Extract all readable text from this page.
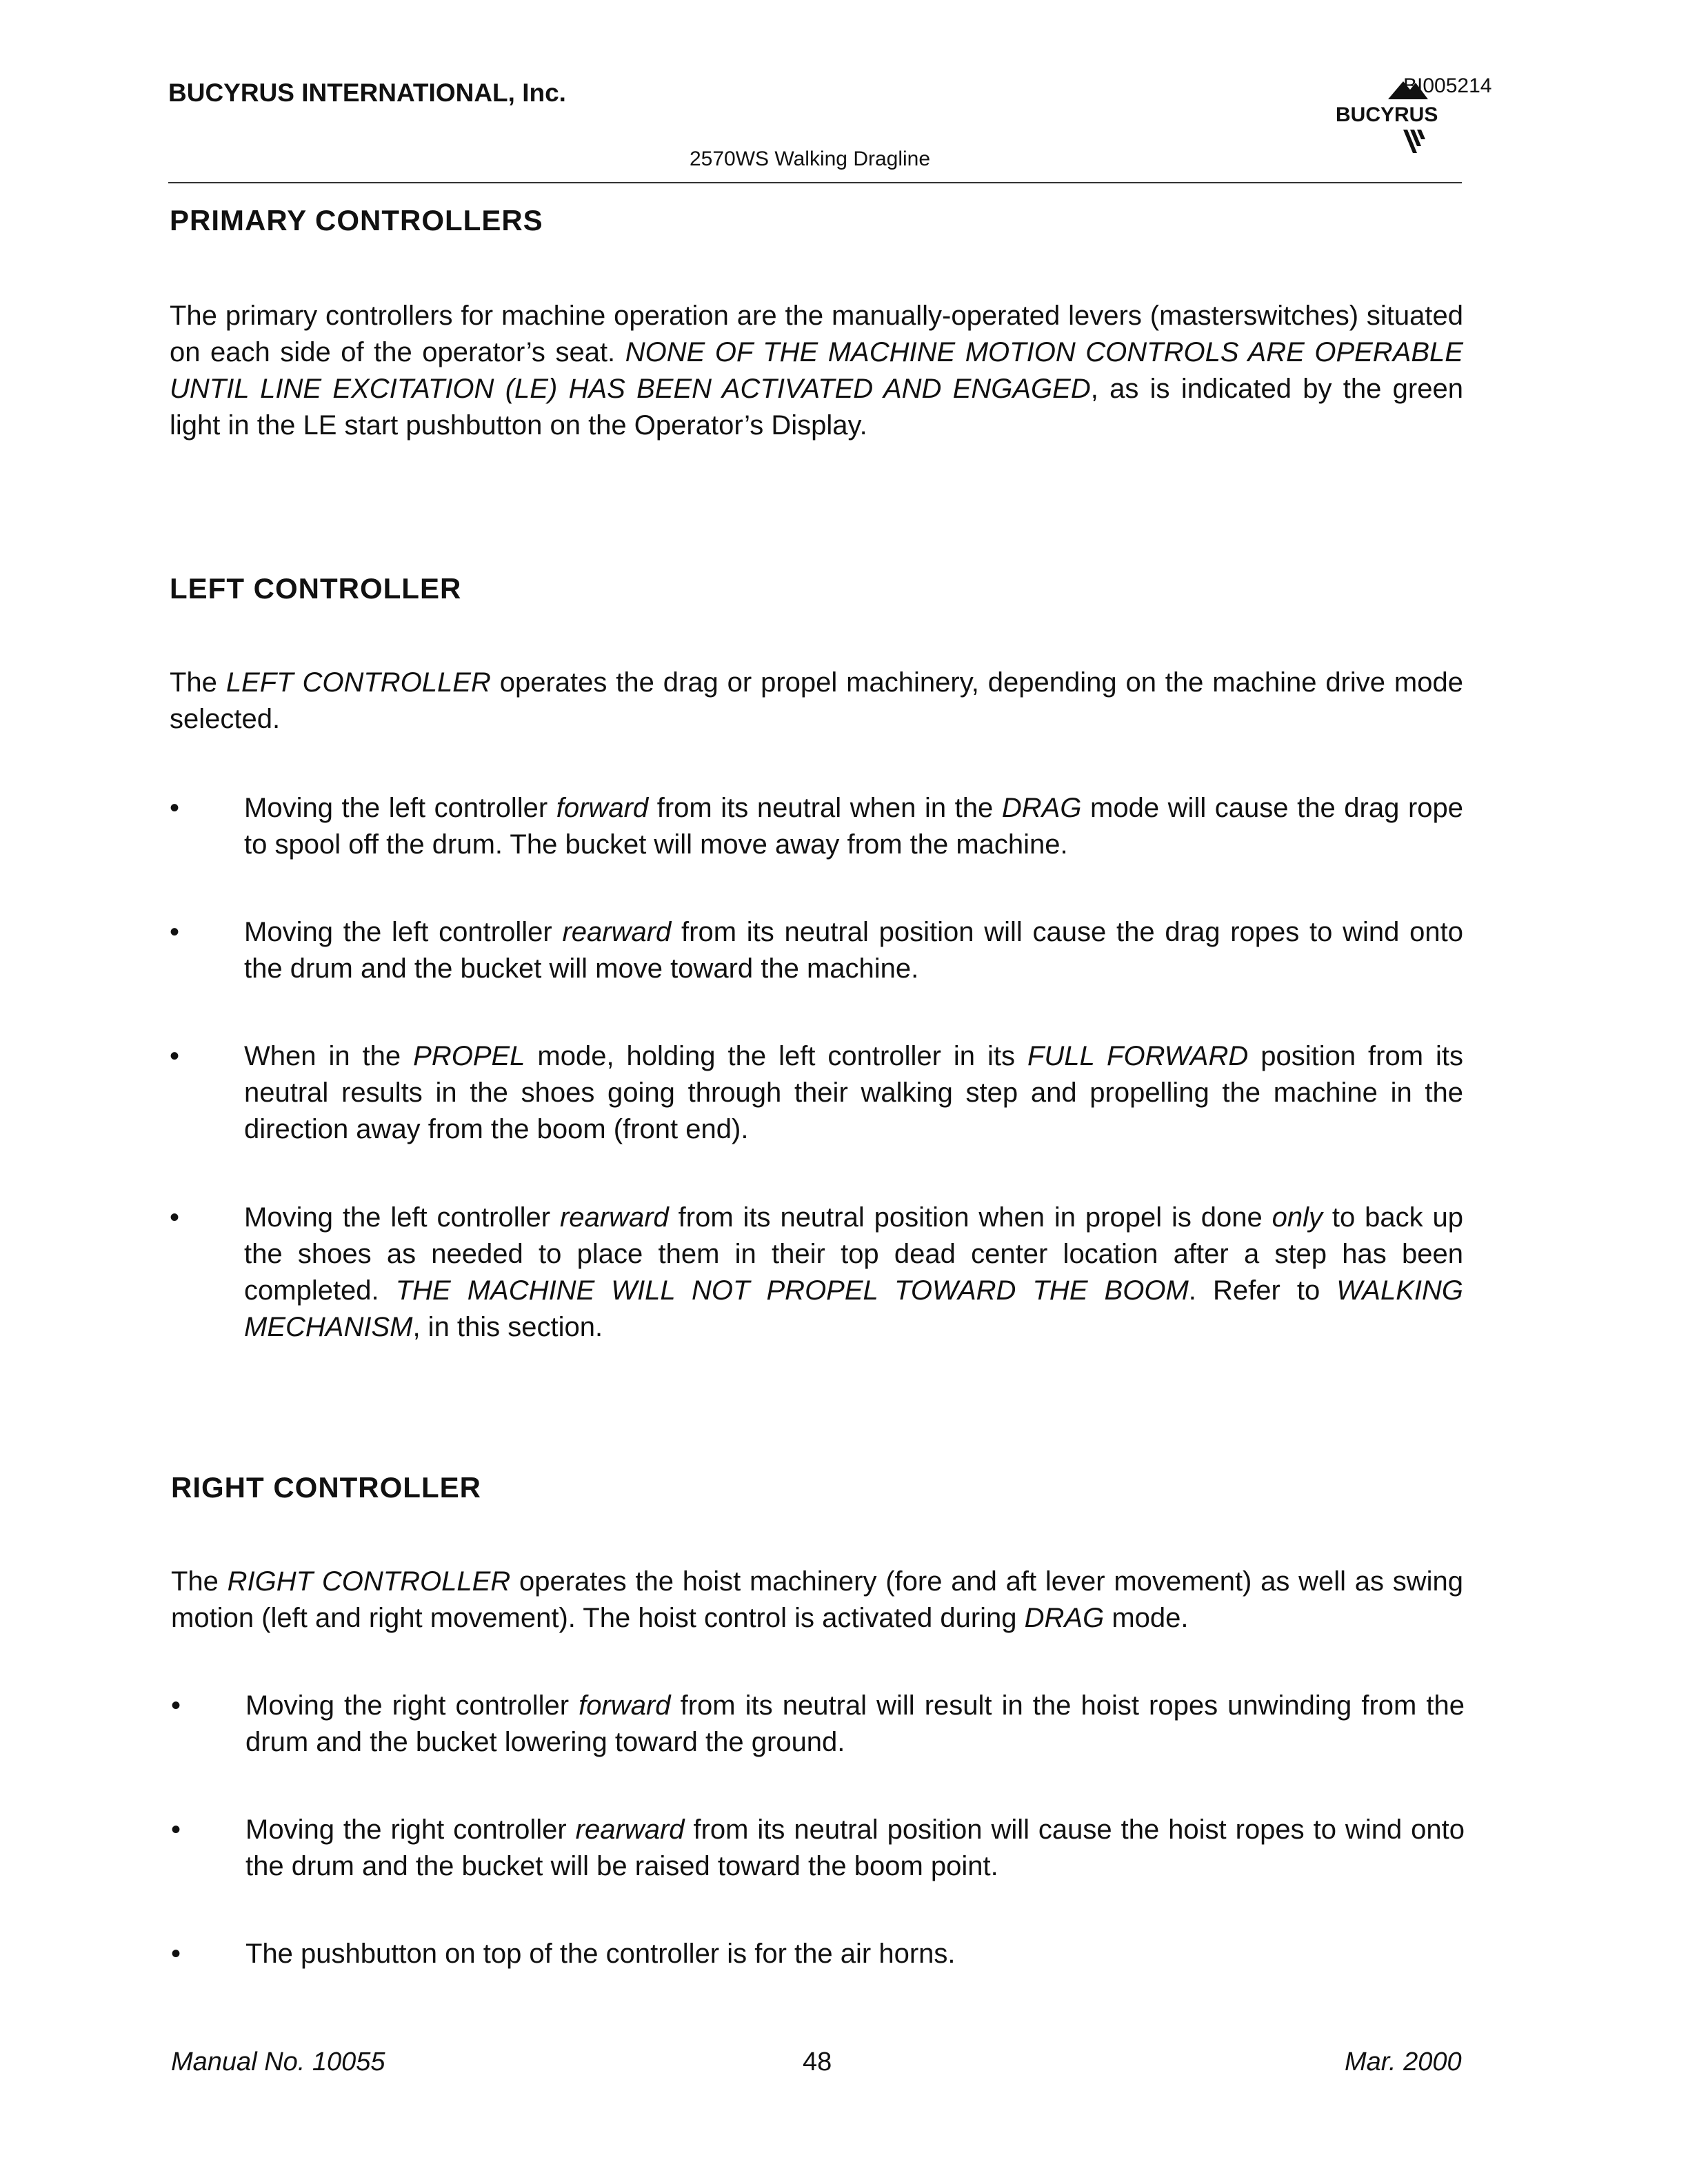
BUCYRUS INTERNATIONAL, Inc.

2570WS Walking Dragline

BUCYRUS
BI005214
PRIMARY CONTROLLERS

The primary controllers for machine operation are the manually-operated levers (masterswitches) situated on each side of the operator’s seat. NONE OF THE MACHINE MOTION CONTROLS ARE OPERABLE UNTIL LINE EXCITATION (LE) HAS BEEN ACTIVATED AND ENGAGED, as is indicated by the green light in the LE start pushbutton on the Operator’s Display.

LEFT CONTROLLER

The LEFT CONTROLLER operates the drag or propel machinery, depending on the machine drive mode selected.

• Moving the left controller forward from its neutral when in the DRAG mode will cause the drag rope to spool off the drum. The bucket will move away from the machine.

• Moving the left controller rearward from its neutral position will cause the drag ropes to wind onto the drum and the bucket will move toward the machine.

• When in the PROPEL mode, holding the left controller in its FULL FORWARD position from its neutral results in the shoes going through their walking step and propelling the machine in the direction away from the boom (front end).

• Moving the left controller rearward from its neutral position when in propel is done only to back up the shoes as needed to place them in their top dead center location after a step has been completed. THE MACHINE WILL NOT PROPEL TOWARD THE BOOM. Refer to WALKING MECHANISM, in this section.

RIGHT CONTROLLER

The RIGHT CONTROLLER operates the hoist machinery (fore and aft lever movement) as well as swing motion (left and right movement). The hoist control is activated during DRAG mode.

• Moving the right controller forward from its neutral will result in the hoist ropes unwinding from the drum and the bucket lowering toward the ground.

• Moving the right controller rearward from its neutral position will cause the hoist ropes to wind onto the drum and the bucket will be raised toward the boom point.

• The pushbutton on top of the controller is for the air horns.

Manual No. 10055	48	Mar. 2000
